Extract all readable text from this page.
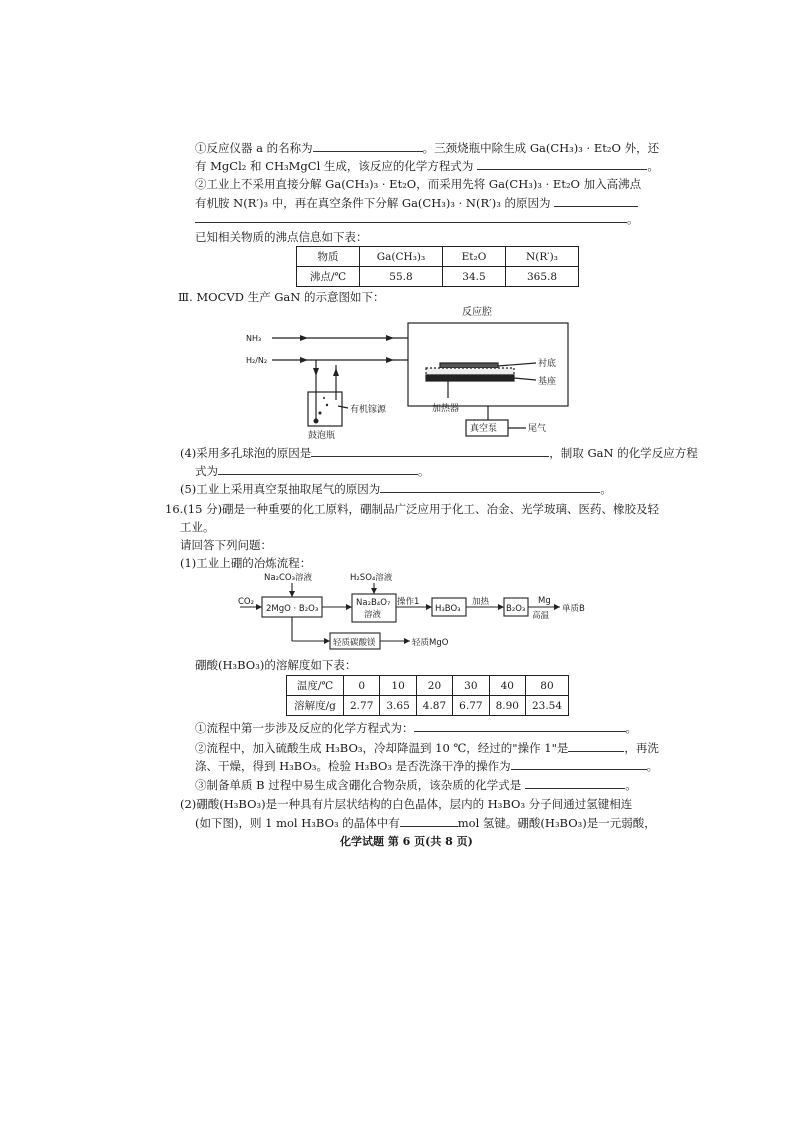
①反应仪器 a 的名称为	。三颈烧瓶中除生成 Ga(CH₃)₃ · Et₂O 外，还
有 MgCl₂ 和 CH₃MgCl 生成，该反应的化学方程式为	。
②工业上不采用直接分解 Ga(CH₃)₃ · Et₂O，而采用先将 Ga(CH₃)₃ · Et₂O 加入高沸点
有机胺 N(R′)₃ 中，再在真空条件下分解 Ga(CH₃)₃ · N(R′)₃ 的原因为
。
已知相关物质的沸点信息如下表：
物质	Ga(CH₃)₃	Et₂O	N(R′)₃
沸点/℃	55.8	34.5	365.8
Ⅲ. MOCVD 生产 GaN 的示意图如下：
反应腔
NH₃
H₂/N₂	衬底
基座
加热器
有机镓源
鼓泡瓶
真空泵	尾气
(4)采用多孔球泡的原因是	，制取 GaN 的化学反应方程
式为	。
(5)工业上采用真空泵抽取尾气的原因为	。
16.(15 分)硼是一种重要的化工原料，硼制品广泛应用于化工、冶金、光学玻璃、医药、橡胶及轻
工业。
请回答下列问题：
(1)工业上硼的冶炼流程：
Na₂CO₃溶液	H₂SO₄溶液
CO₂
2MgO · B₂O₃
Na₂B₄O₇
溶液
操作1
H₃BO₃
加热
B₂O₃
Mg
高温
单质B
轻质碳酸镁	轻质MgO
硼酸(H₃BO₃)的溶解度如下表：
温度/℃	0	10	20	30	40	80
溶解度/g	2.77	3.65	4.87	6.77	8.90	23.54
①流程中第一步涉及反应的化学方程式为：	。
②流程中，加入硫酸生成 H₃BO₃，冷却降温到 10 ℃，经过的"操作 1"是	，再洗
涤、干燥，得到 H₃BO₃。检验 H₃BO₃ 是否洗涤干净的操作为	。
③制备单质 B 过程中易生成含硼化合物杂质，该杂质的化学式是	。
(2)硼酸(H₃BO₃)是一种具有片层状结构的白色晶体，层内的 H₃BO₃ 分子间通过氢键相连
(如下图)，则 1 mol H₃BO₃ 的晶体中有	mol 氢键。硼酸(H₃BO₃)是一元弱酸，
化学试题 第 6 页(共 8 页)
